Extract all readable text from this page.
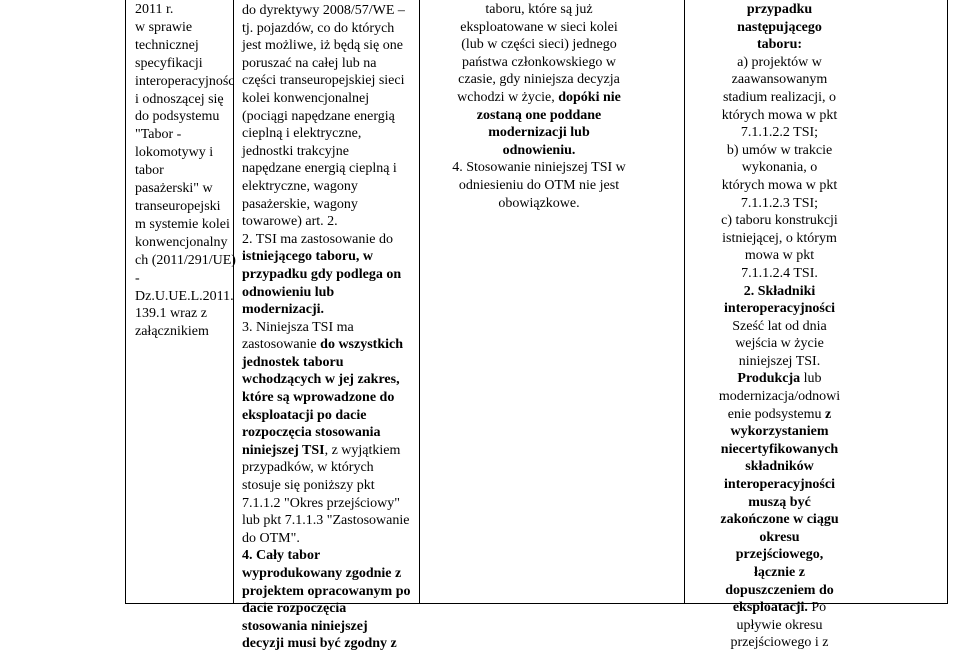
2011 r.
w sprawie
technicznej
specyfikacji
interoperacyjnośc
i odnoszącej się
do podsystemu
"Tabor -
lokomotywy i
tabor
pasażerski" w
transeuropejski
m systemie kolei
konwencjonalny
ch (2011/291/UE)
-
Dz.U.UE.L.2011.
139.1 wraz z
załącznikiem

do dyrektywy 2008/57/WE –
tj. pojazdów, co do których
jest możliwe, iż będą się one
poruszać na całej lub na
części transeuropejskiej sieci
kolei konwencjonalnej
(pociągi napędzane energią
cieplną i elektryczne,
jednostki trakcyjne
napędzane energią cieplną i
elektryczne, wagony
pasażerskie, wagony
towarowe) art. 2.
2. TSI ma zastosowanie do
istniejącego taboru, w
przypadku gdy podlega on
odnowieniu lub
modernizacji.
3. Niniejsza TSI ma
zastosowanie do wszystkich
jednostek taboru
wchodzących w jej zakres,
które są wprowadzone do
eksploatacji po dacie
rozpoczęcia stosowania
niniejszej TSI, z wyjątkiem
przypadków, w których
stosuje się poniższy pkt
7.1.1.2 "Okres przejściowy"
lub pkt 7.1.1.3 "Zastosowanie
do OTM".
4. Cały tabor
wyprodukowany zgodnie z
projektem opracowanym po
dacie rozpoczęcia
stosowania niniejszej
decyzji musi być zgodny z

taboru, które są już
eksploatowane w sieci kolei
(lub w części sieci) jednego
państwa członkowskiego w
czasie, gdy niniejsza decyzja
wchodzi w życie, dopóki nie
zostaną one poddane
modernizacji lub
odnowieniu.
4. Stosowanie niniejszej TSI w
odniesieniu do OTM nie jest
obowiązkowe.

przypadku
następującego
taboru:
a) projektów w
zaawansowanym
stadium realizacji, o
których mowa w pkt
7.1.1.2.2 TSI;
b) umów w trakcie
wykonania, o
których mowa w pkt
7.1.1.2.3 TSI;
c) taboru konstrukcji
istniejącej, o którym
mowa w pkt
7.1.1.2.4 TSI.
2. Składniki
interoperacyjności
Sześć lat od dnia
wejścia w życie
niniejszej TSI.
Produkcja lub
modernizacja/odnowi
enie podsystemu z
wykorzystaniem
niecertyfikowanych
składników
interoperacyjności
muszą być
zakończone w ciągu
okresu
przejściowego,
łącznie z
dopuszczeniem do
eksploatacji. Po
upływie okresu
przejściowego i z
